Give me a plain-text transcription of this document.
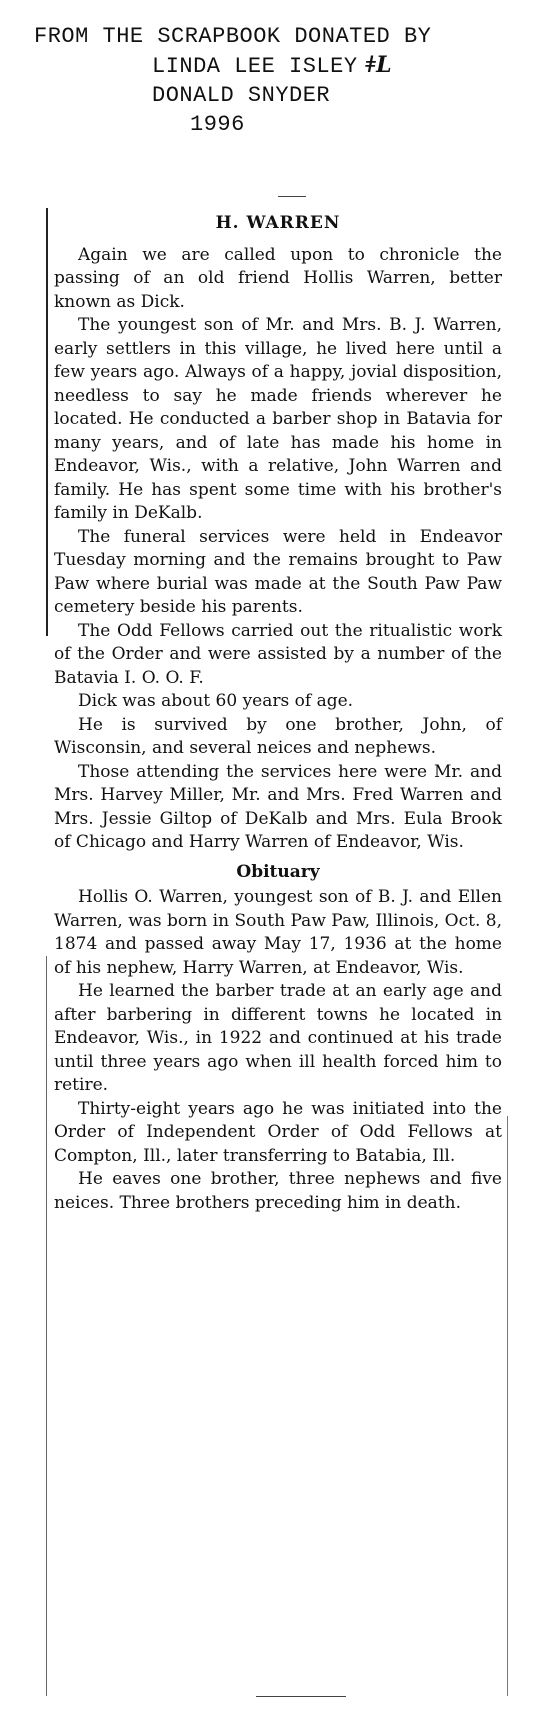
FROM THE SCRAPBOOK DONATED BY
LINDA LEE ISLEY ǂL
DONALD SNYDER
1996
H. WARREN

Again we are called upon to chronicle the passing of an old friend Hollis Warren, better known as Dick.

The youngest son of Mr. and Mrs. B. J. Warren, early settlers in this village, he lived here until a few years ago. Always of a happy, jovial disposition, needless to say he made friends wherever he located. He conducted a barber shop in Batavia for many years, and of late has made his home in Endeavor, Wis., with a relative, John Warren and family. He has spent some time with his brother's family in DeKalb.

The funeral services were held in Endeavor Tuesday morning and the remains brought to Paw Paw where burial was made at the South Paw Paw cemetery beside his parents.

The Odd Fellows carried out the ritualistic work of the Order and were assisted by a number of the Batavia I. O. O. F.

Dick was about 60 years of age.

He is survived by one brother, John, of Wisconsin, and several neices and nephews.

Those attending the services here were Mr. and Mrs. Harvey Miller, Mr. and Mrs. Fred Warren and Mrs. Jessie Giltop of DeKalb and Mrs. Eula Brook of Chicago and Harry Warren of Endeavor, Wis.

Obituary

Hollis O. Warren, youngest son of B. J. and Ellen Warren, was born in South Paw Paw, Illinois, Oct. 8, 1874 and passed away May 17, 1936 at the home of his nephew, Harry Warren, at Endeavor, Wis.

He learned the barber trade at an early age and after barbering in different towns he located in Endeavor, Wis., in 1922 and continued at his trade until three years ago when ill health forced him to retire.

Thirty-eight years ago he was initiated into the Order of Independent Order of Odd Fellows at Compton, Ill., later transferring to Batabia, Ill.

He eaves one brother, three nephews and five neices. Three brothers preceding him in death.
